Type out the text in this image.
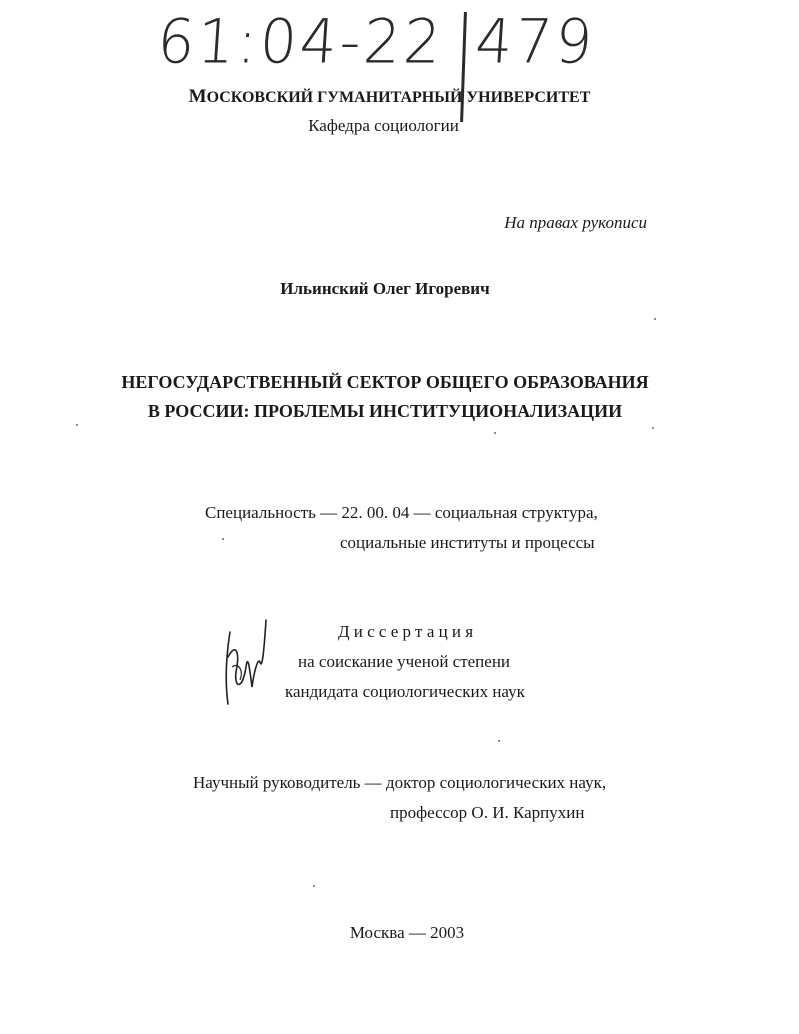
61:04-22 479
МОСКОВСКИЙ ГУМАНИТАРНЫЙ УНИВЕРСИТЕТ
Кафедра социологии
На правах рукописи
Ильинский Олег Игоревич
НЕГОСУДАРСТВЕННЫЙ СЕКТОР ОБЩЕГО ОБРАЗОВАНИЯ
В РОССИИ: ПРОБЛЕМЫ ИНСТИТУЦИОНАЛИЗАЦИИ
Специальность — 22. 00. 04 — социальная структура,
социальные институты и процессы
Диссертация
на соискание ученой степени
кандидата социологических наук
Научный руководитель — доктор социологических наук,
профессор О. И. Карпухин
Москва — 2003
